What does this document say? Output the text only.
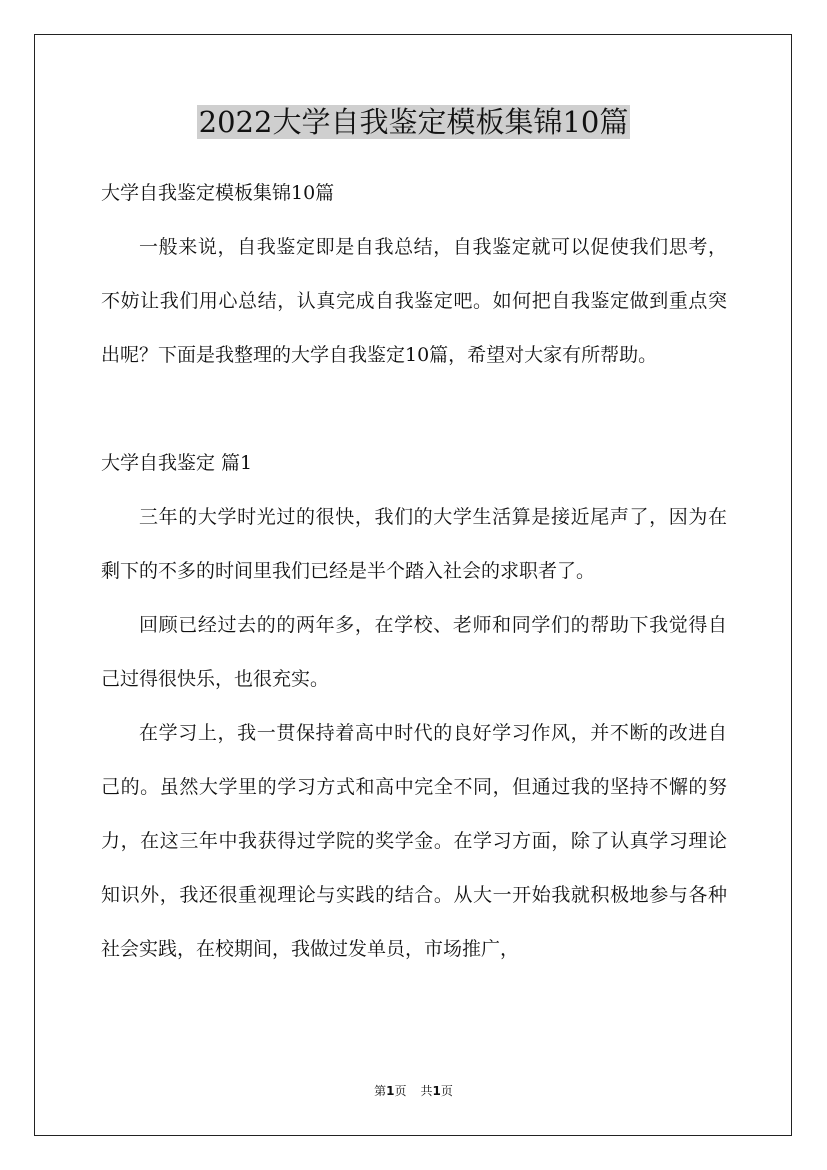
2022大学自我鉴定模板集锦10篇

大学自我鉴定模板集锦10篇

一般来说，自我鉴定即是自我总结，自我鉴定就可以促使我们思考，不妨让我们用心总结，认真完成自我鉴定吧。如何把自我鉴定做到重点突出呢？下面是我整理的大学自我鉴定10篇，希望对大家有所帮助。

大学自我鉴定 篇1

三年的大学时光过的很快，我们的大学生活算是接近尾声了，因为在剩下的不多的时间里我们已经是半个踏入社会的求职者了。

回顾已经过去的的两年多，在学校、老师和同学们的帮助下我觉得自己过得很快乐，也很充实。

在学习上，我一贯保持着高中时代的良好学习作风，并不断的改进自己的。虽然大学里的学习方式和高中完全不同，但通过我的坚持不懈的努力，在这三年中我获得过学院的奖学金。在学习方面，除了认真学习理论知识外，我还很重视理论与实践的结合。从大一开始我就积极地参与各种社会实践，在校期间，我做过发单员，市场推广，

第1页 共1页
